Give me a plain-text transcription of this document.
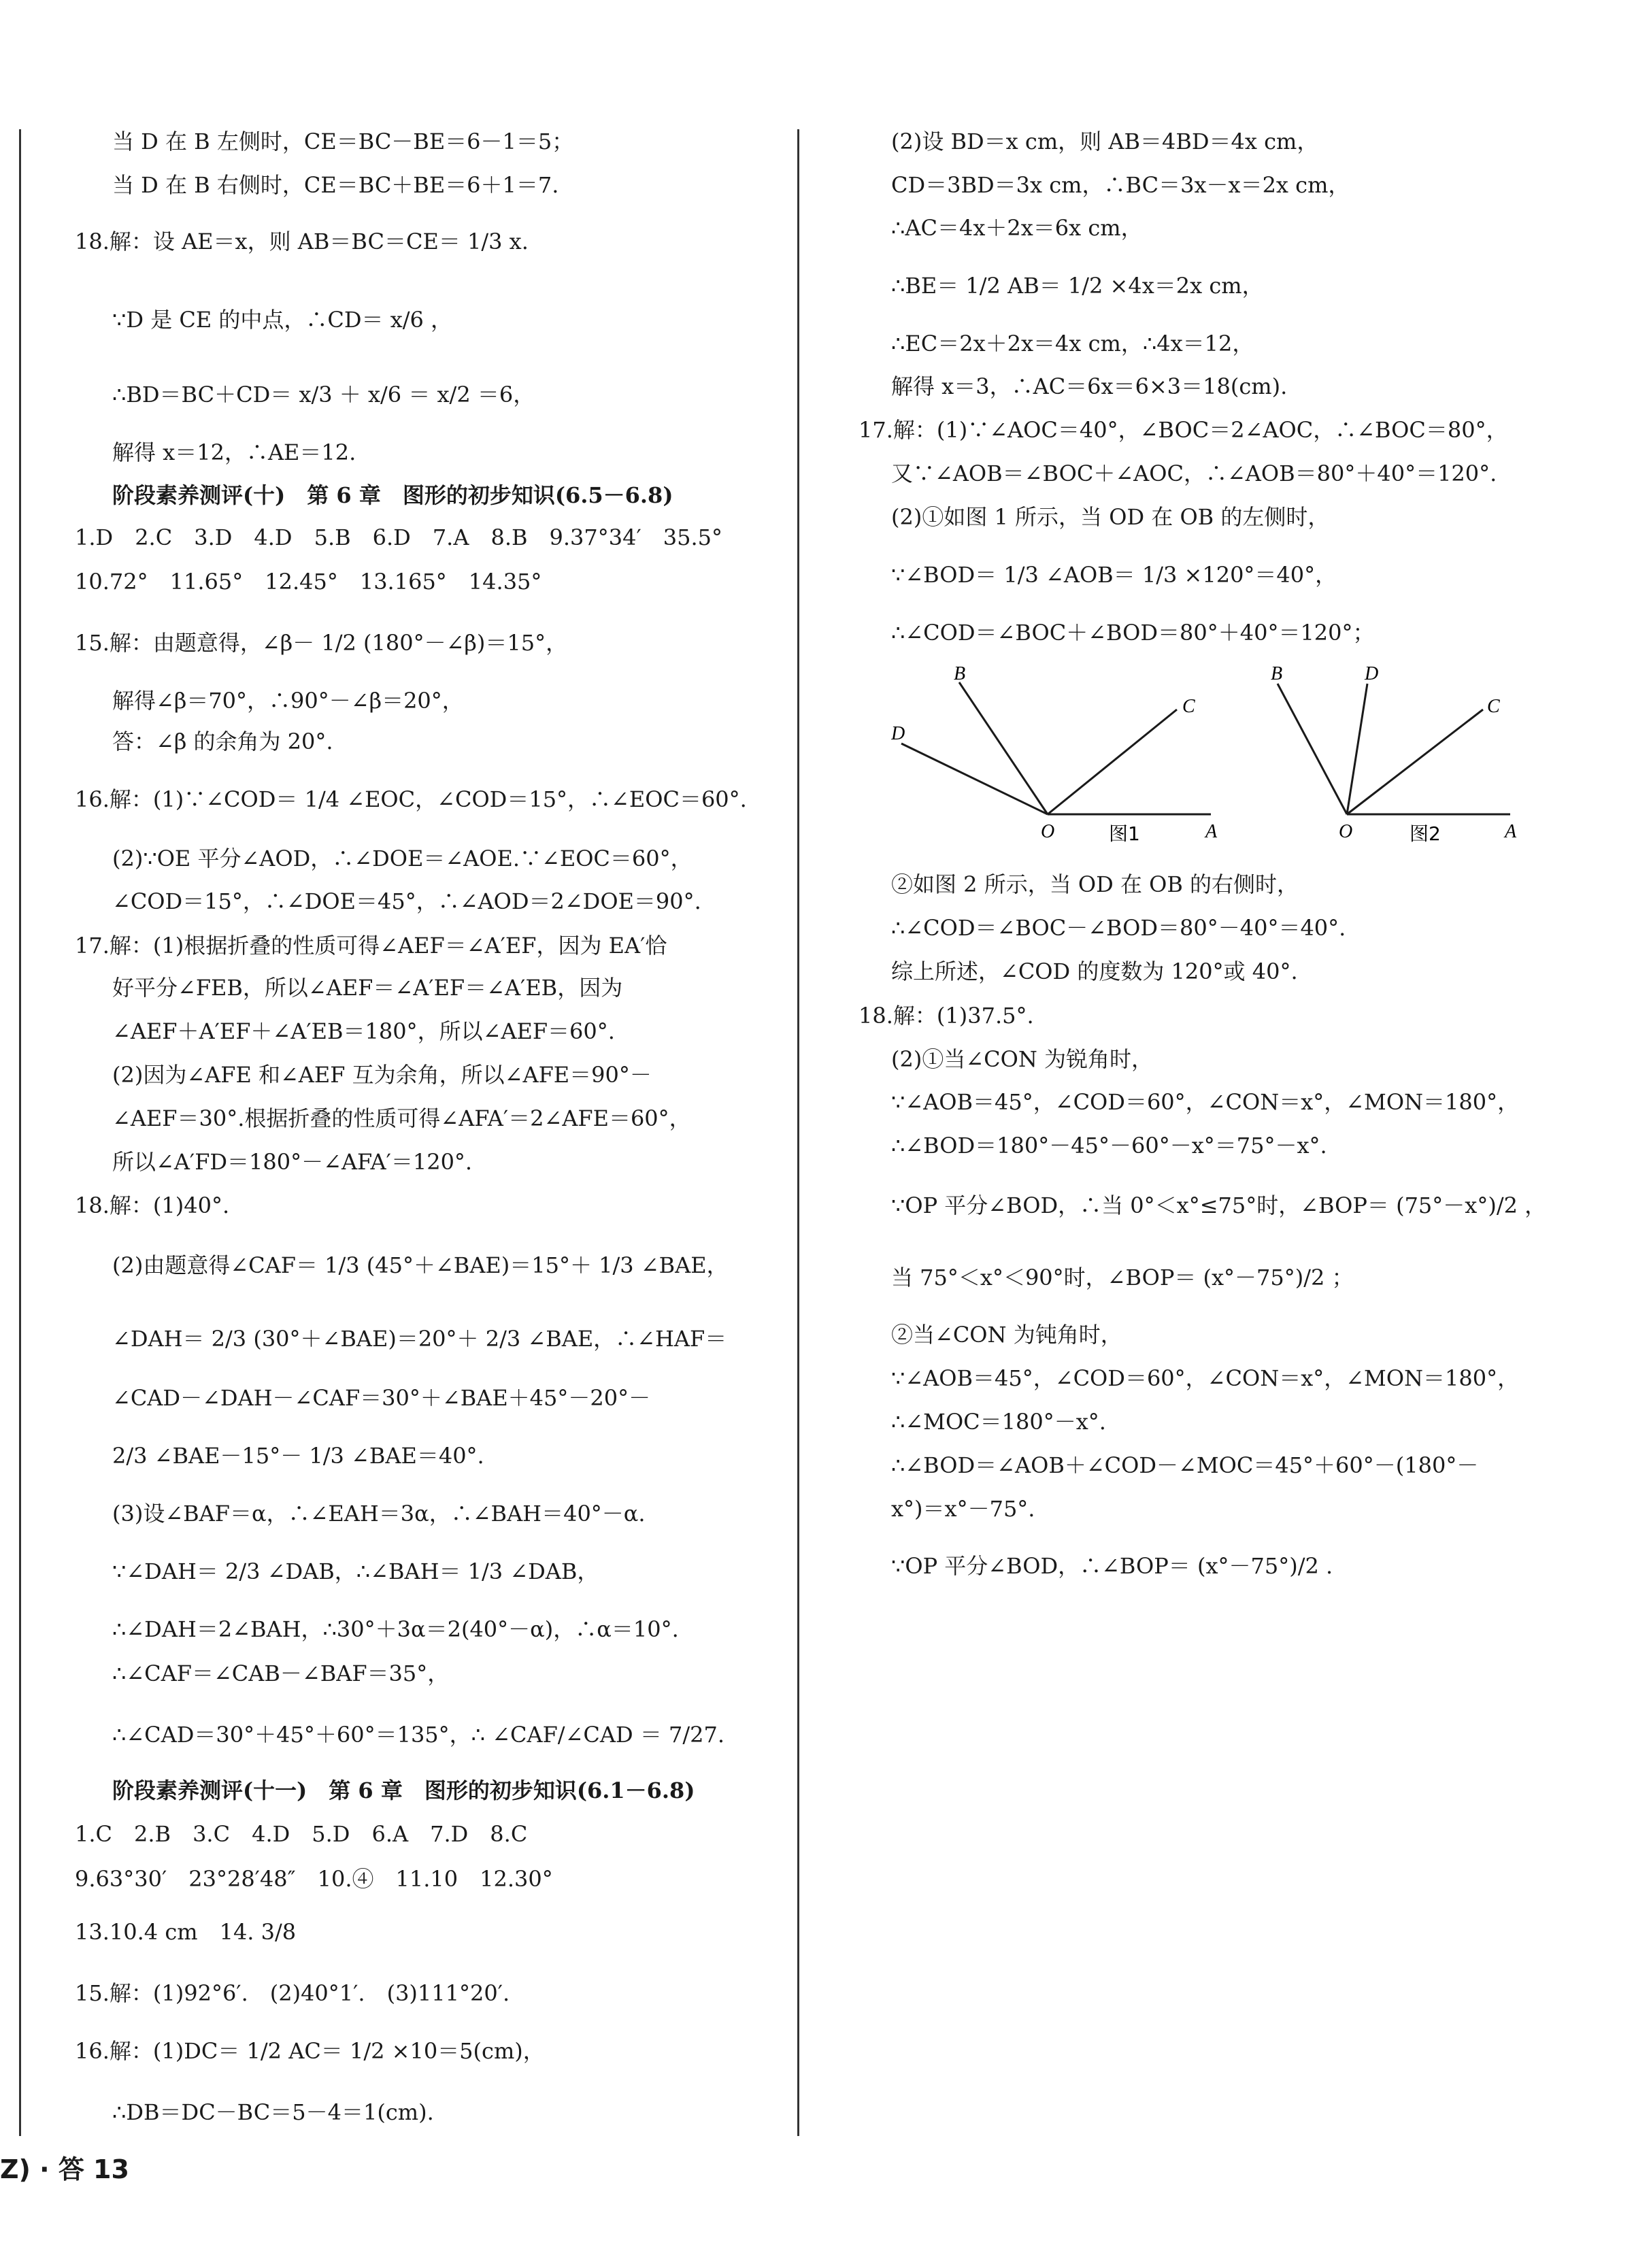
当 D 在 B 左侧时，CE＝BC－BE＝6－1＝5；
当 D 在 B 右侧时，CE＝BC＋BE＝6＋1＝7.
18.解：设 AE＝x，则 AB＝BC＝CE＝ 1/3 x.
∵D 是 CE 的中点，∴CD＝ x/6 ，
∴BD＝BC＋CD＝ x/3 ＋ x/6 ＝ x/2 ＝6，
解得 x＝12，∴AE＝12.
阶段素养测评(十)　第 6 章　图形的初步知识(6.5－6.8)
1.D　2.C　3.D　4.D　5.B　6.D　7.A　8.B　9.37°34′　35.5°
10.72°　11.65°　12.45°　13.165°　14.35°
15.解：由题意得，∠β－ 1/2 (180°－∠β)＝15°，
解得∠β＝70°，∴90°－∠β＝20°，
答：∠β 的余角为 20°.
16.解：(1)∵∠COD＝ 1/4 ∠EOC，∠COD＝15°，∴∠EOC＝60°.
(2)∵OE 平分∠AOD，∴∠DOE＝∠AOE.∵∠EOC＝60°，
∠COD＝15°，∴∠DOE＝45°，∴∠AOD＝2∠DOE＝90°.
17.解：(1)根据折叠的性质可得∠AEF＝∠A′EF，因为 EA′恰
好平分∠FEB，所以∠AEF＝∠A′EF＝∠A′EB，因为
∠AEF＋A′EF＋∠A′EB＝180°，所以∠AEF＝60°.
(2)因为∠AFE 和∠AEF 互为余角，所以∠AFE＝90°－
∠AEF＝30°.根据折叠的性质可得∠AFA′＝2∠AFE＝60°，
所以∠A′FD＝180°－∠AFA′＝120°.
18.解：(1)40°.
(2)由题意得∠CAF＝ 1/3 (45°＋∠BAE)＝15°＋ 1/3 ∠BAE，
∠DAH＝ 2/3 (30°＋∠BAE)＝20°＋ 2/3 ∠BAE，∴∠HAF＝
∠CAD－∠DAH－∠CAF＝30°＋∠BAE＋45°－20°－
2/3 ∠BAE－15°－ 1/3 ∠BAE＝40°.
(3)设∠BAF＝α，∴∠EAH＝3α，∴∠BAH＝40°－α.
∵∠DAH＝ 2/3 ∠DAB，∴∠BAH＝ 1/3 ∠DAB，
∴∠DAH＝2∠BAH，∴30°＋3α＝2(40°－α)，∴α＝10°.
∴∠CAF＝∠CAB－∠BAF＝35°，
∴∠CAD＝30°＋45°＋60°＝135°，∴ ∠CAF/∠CAD ＝ 7/27.
阶段素养测评(十一)　第 6 章　图形的初步知识(6.1－6.8)
1.C　2.B　3.C　4.D　5.D　6.A　7.D　8.C
9.63°30′　23°28′48″　10.④　11.10　12.30°
13.10.4 cm　14. 3/8
15.解：(1)92°6′.　(2)40°1′.　(3)111°20′.
16.解：(1)DC＝ 1/2 AC＝ 1/2 ×10＝5(cm)，
∴DB＝DC－BC＝5－4＝1(cm).
(2)设 BD＝x cm，则 AB＝4BD＝4x cm，
CD＝3BD＝3x cm，∴BC＝3x－x＝2x cm，
∴AC＝4x＋2x＝6x cm，
∴BE＝ 1/2 AB＝ 1/2 ×4x＝2x cm，
∴EC＝2x＋2x＝4x cm，∴4x＝12，
解得 x＝3，∴AC＝6x＝6×3＝18(cm).
17.解：(1)∵∠AOC＝40°，∠BOC＝2∠AOC，∴∠BOC＝80°，
又∵∠AOB＝∠BOC＋∠AOC，∴∠AOB＝80°＋40°＝120°.
(2)①如图 1 所示，当 OD 在 OB 的左侧时，
∵∠BOD＝ 1/3 ∠AOB＝ 1/3 ×120°＝40°，
∴∠COD＝∠BOC＋∠BOD＝80°＋40°＝120°；
B
C
D
O	A
图1
B	D
C
O	A
图2
②如图 2 所示，当 OD 在 OB 的右侧时，
∴∠COD＝∠BOC－∠BOD＝80°－40°＝40°.
综上所述，∠COD 的度数为 120°或 40°.
18.解：(1)37.5°.
(2)①当∠CON 为锐角时，
∵∠AOB＝45°，∠COD＝60°，∠CON＝x°，∠MON＝180°，
∴∠BOD＝180°－45°－60°－x°＝75°－x°.
∵OP 平分∠BOD，∴当 0°＜x°≤75°时，∠BOP＝ (75°－x°)/2 ，
当 75°＜x°＜90°时，∠BOP＝ (x°－75°)/2 ；
②当∠CON 为钝角时，
∵∠AOB＝45°，∠COD＝60°，∠CON＝x°，∠MON＝180°，
∴∠MOC＝180°－x°.
∴∠BOD＝∠AOB＋∠COD－∠MOC＝45°＋60°－(180°－
x°)＝x°－75°.
∵OP 平分∠BOD，∴∠BOP＝ (x°－75°)/2 .
Z) · 答 13
